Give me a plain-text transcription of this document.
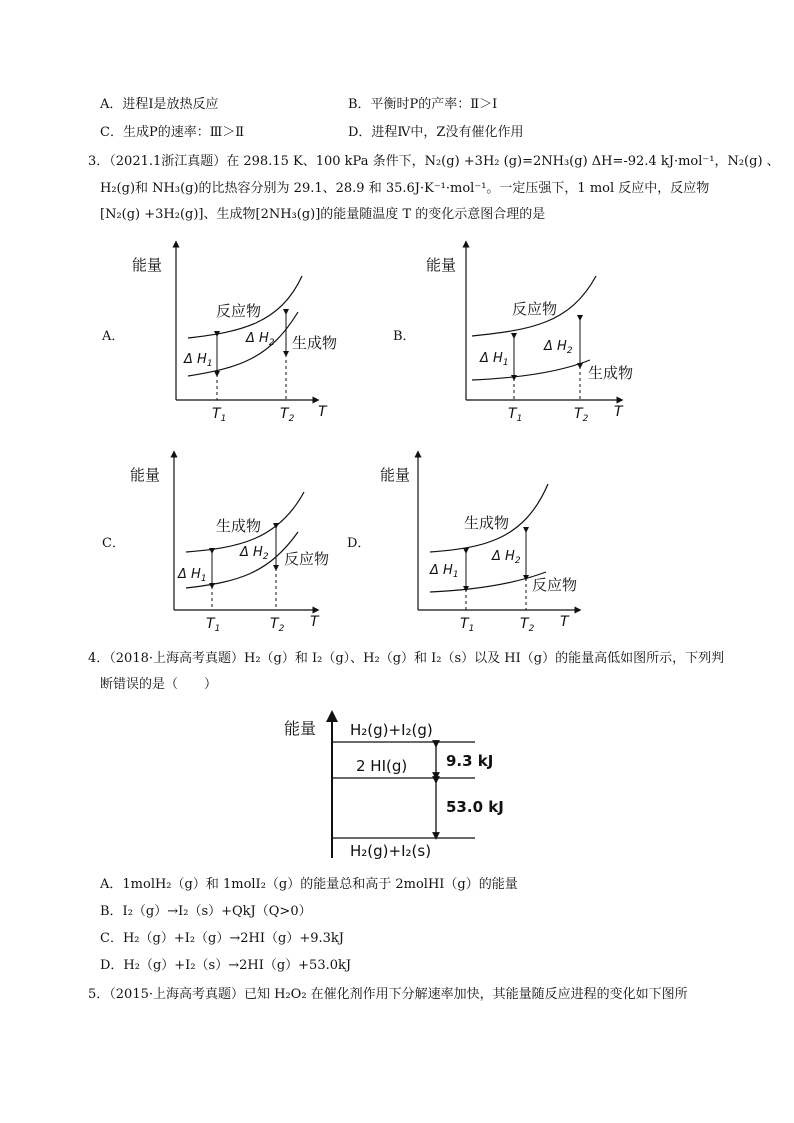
A．进程Ⅰ是放热反应	B．平衡时P的产率：Ⅱ＞Ⅰ
C．生成P的速率：Ⅲ＞Ⅱ	D．进程Ⅳ中，Z没有催化作用
3．（2021.1浙江真题）在 298.15 K、100 kPa 条件下，N₂(g) +3H₂ (g)=2NH₃(g) ΔH=-92.4 kJ·mol⁻¹，N₂(g) 、
H₂(g)和 NH₃(g)的比热容分别为 29.1、28.9 和 35.6J·K⁻¹·mol⁻¹。一定压强下，1 mol 反应中，反应物
[N₂(g) +3H₂(g)]、生成物[2NH₃(g)]的能量随温度 T 的变化示意图合理的是
A．	B．
C．	D．
能量
反应物
生成物
Δ $H_1$
Δ $H_2$
$T_1$	$T_2$ T
能量
反应物
生成物
Δ $H_1$
Δ $H_2$
$T_1$	$T_2$ T
能量
生成物
反应物
Δ $H_1$
Δ $H_2$
$T_1$	$T_2$ T
能量
生成物
反应物
Δ $H_1$
Δ $H_2$
$T_1$	$T_2$ T
4．（2018·上海高考真题）H₂（g）和 I₂（g）、H₂（g）和 I₂（s）以及 HI（g）的能量高低如图所示，下列判
断错误的是（　　）
能量 H₂(g)+I₂(g)
2 HI(g)
H₂(g)+I₂(s)
9.3 kJ
53.0 kJ
A．1molH₂（g）和 1molI₂（g）的能量总和高于 2molHI（g）的能量
B．I₂（g）→I₂（s）+QkJ（Q>0）
C．H₂（g）+I₂（g）→2HI（g）+9.3kJ
D．H₂（g）+I₂（s）→2HI（g）+53.0kJ
5．（2015·上海高考真题）已知 H₂O₂ 在催化剂作用下分解速率加快，其能量随反应进程的变化如下图所
